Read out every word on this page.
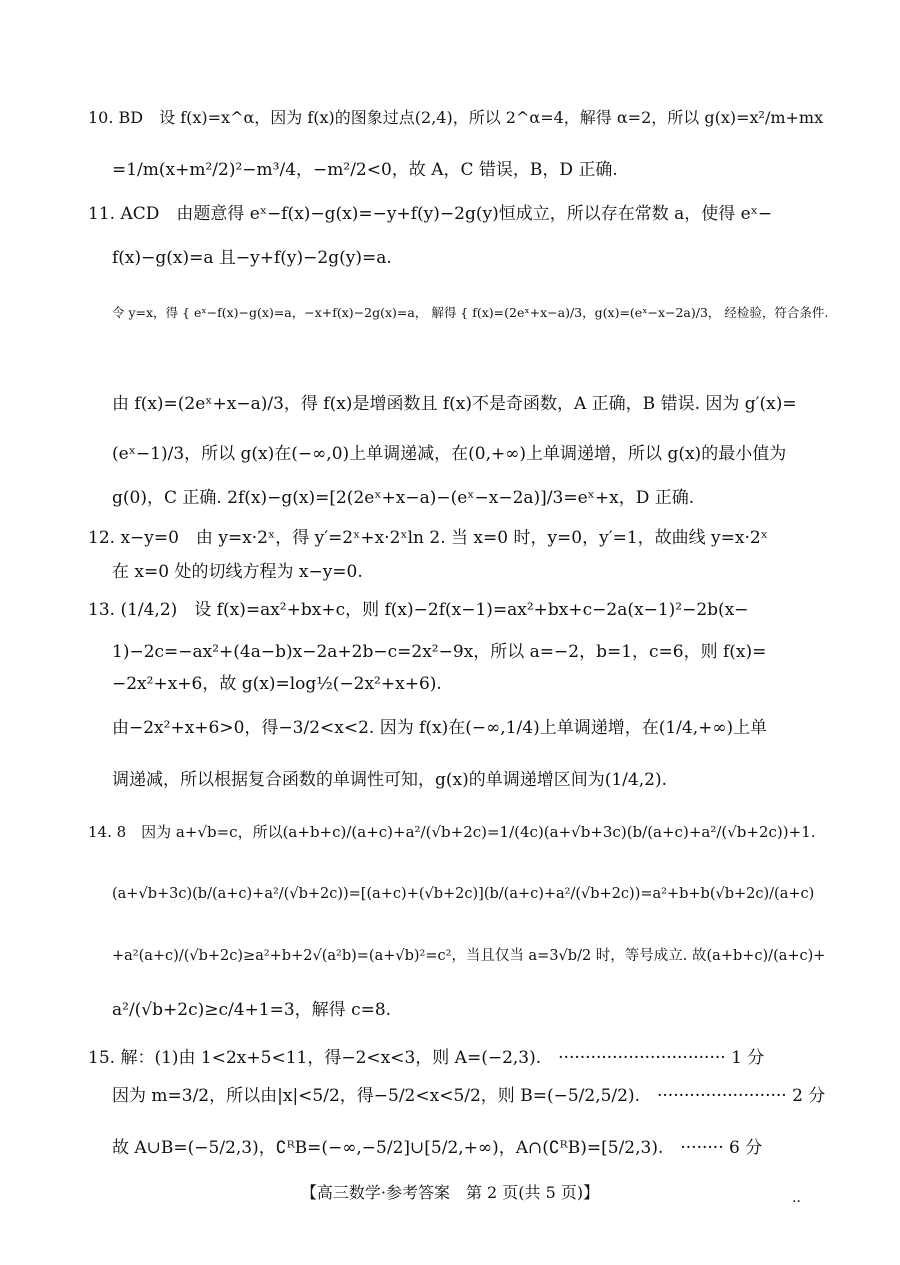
10. BD　设 f(x)=x^α，因为 f(x)的图象过点(2,4)，所以 2^α=4，解得 α=2，所以 g(x)=x²/m+mx
=1/m(x+m²/2)²−m³/4，−m²/2<0，故 A，C 错误，B，D 正确.
11. ACD　由题意得 eˣ−f(x)−g(x)=−y+f(y)−2g(y)恒成立，所以存在常数 a，使得 eˣ−
f(x)−g(x)=a 且−y+f(y)−2g(y)=a.
令 y=x，得 { eˣ−f(x)−g(x)=a，−x+f(x)−2g(x)=a， 解得 { f(x)=(2eˣ+x−a)/3，g(x)=(eˣ−x−2a)/3， 经检验，符合条件.
由 f(x)=(2eˣ+x−a)/3，得 f(x)是增函数且 f(x)不是奇函数，A 正确，B 错误. 因为 g′(x)=
(eˣ−1)/3，所以 g(x)在(−∞,0)上单调递减，在(0,+∞)上单调递增，所以 g(x)的最小值为
g(0)，C 正确. 2f(x)−g(x)=[2(2eˣ+x−a)−(eˣ−x−2a)]/3=eˣ+x，D 正确.
12. x−y=0　由 y=x·2ˣ，得 y′=2ˣ+x·2ˣln 2. 当 x=0 时，y=0，y′=1，故曲线 y=x·2ˣ
在 x=0 处的切线方程为 x−y=0.
13. (1/4,2)　设 f(x)=ax²+bx+c，则 f(x)−2f(x−1)=ax²+bx+c−2a(x−1)²−2b(x−
1)−2c=−ax²+(4a−b)x−2a+2b−c=2x²−9x，所以 a=−2，b=1，c=6，则 f(x)=
−2x²+x+6，故 g(x)=log½(−2x²+x+6).
由−2x²+x+6>0，得−3/2<x<2. 因为 f(x)在(−∞,1/4)上单调递增，在(1/4,+∞)上单
调递减，所以根据复合函数的单调性可知，g(x)的单调递增区间为(1/4,2).
14. 8　因为 a+√b=c，所以(a+b+c)/(a+c)+a²/(√b+2c)=1/(4c)(a+√b+3c)(b/(a+c)+a²/(√b+2c))+1.
(a+√b+3c)(b/(a+c)+a²/(√b+2c))=[(a+c)+(√b+2c)](b/(a+c)+a²/(√b+2c))=a²+b+b(√b+2c)/(a+c)
+a²(a+c)/(√b+2c)≥a²+b+2√(a²b)=(a+√b)²=c²，当且仅当 a=3√b/2 时，等号成立. 故(a+b+c)/(a+c)+
a²/(√b+2c)≥c/4+1=3，解得 c=8.
15. 解：(1)由 1<2x+5<11，得−2<x<3，则 A=(−2,3).　······························· 1 分
因为 m=3/2，所以由|x|<5/2，得−5/2<x<5/2，则 B=(−5/2,5/2).　························ 2 分
故 A∪B=(−5/2,3)，∁ᴿB=(−∞,−5/2]∪[5/2,+∞)，A∩(∁ᴿB)=[5/2,3).　········ 6 分
【高三数学·参考答案　第 2 页(共 5 页)】	..
